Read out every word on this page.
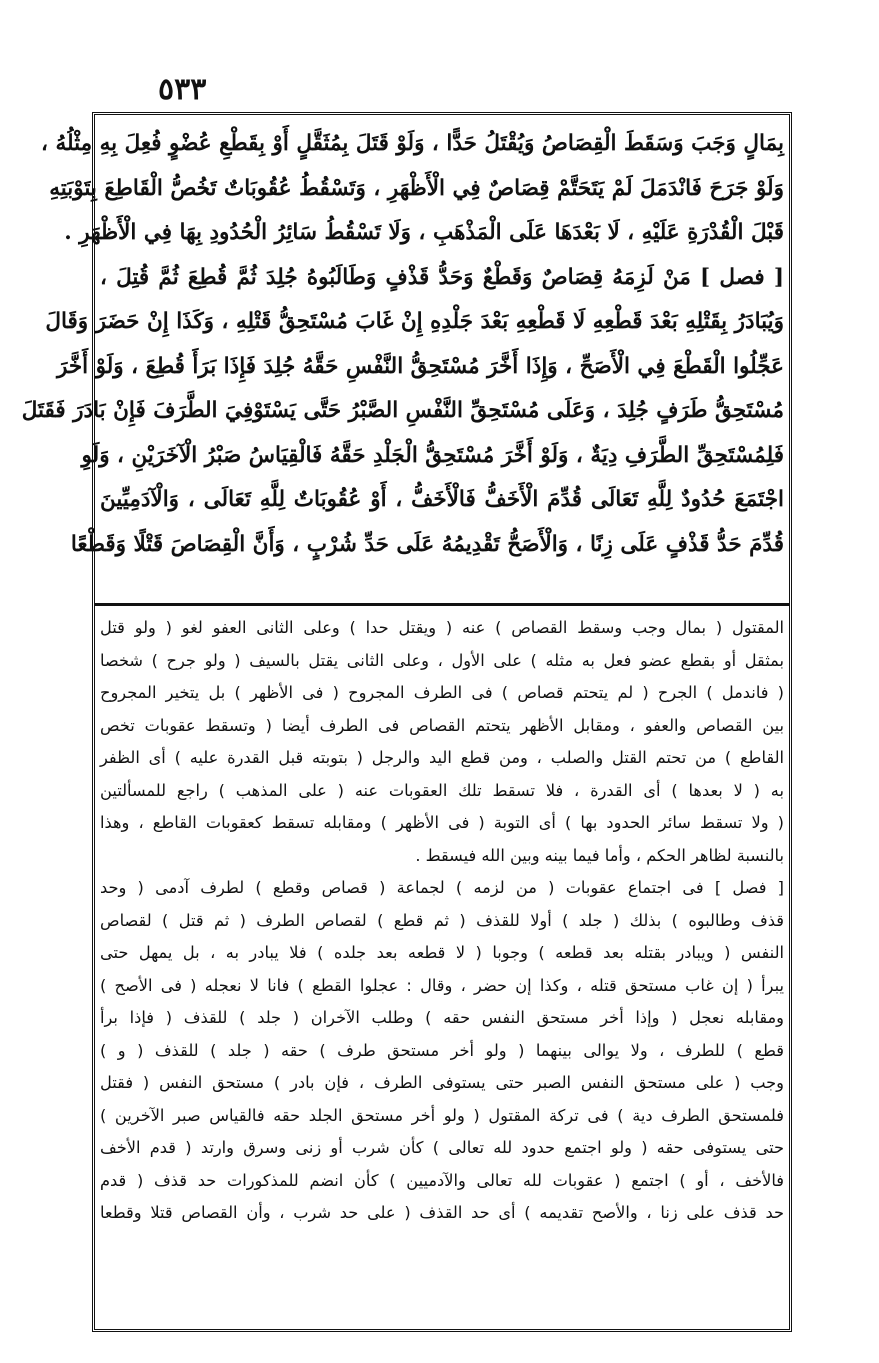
٥٣٣
بِمَالٍ وَجَبَ وَسَقَطَ الْقِصَاصُ وَيُقْتَلُ حَدًّا ، وَلَوْ قَتَلَ بِمُثَقَّلٍ أَوْ بِقَطْعِ عُضْوٍ فُعِلَ بِهِ مِثْلُهُ ،
وَلَوْ جَرَحَ فَانْدَمَلَ لَمْ يَتَحَتَّمْ قِصَاصٌ فِي الْأَظْهَرِ ، وَتَسْقُطُ عُقُوبَاتٌ تَخُصُّ الْقَاطِعَ بِتَوْبَتِهِ
قَبْلَ الْقُدْرَةِ عَلَيْهِ ، لَا بَعْدَهَا عَلَى الْمَذْهَبِ ، وَلَا تَسْقُطُ سَائِرُ الْحُدُودِ بِهَا فِي الْأَظْهَرِ .
[ فصل ] مَنْ لَزِمَهُ قِصَاصٌ وَقَطْعٌ وَحَدُّ قَذْفٍ وَطَالَبُوهُ جُلِدَ ثُمَّ قُطِعَ ثُمَّ قُتِلَ ،
وَيُبَادَرُ بِقَتْلِهِ بَعْدَ قَطْعِهِ لَا قَطْعِهِ بَعْدَ جَلْدِهِ إِنْ غَابَ مُسْتَحِقُّ قَتْلِهِ ، وَكَذَا إِنْ حَضَرَ وَقَالَ
عَجِّلُوا الْقَطْعَ فِي الْأَصَحِّ ، وَإِذَا أَخَّرَ مُسْتَحِقُّ النَّفْسِ حَقَّهُ جُلِدَ فَإِذَا بَرَأَ قُطِعَ ، وَلَوْ أَخَّرَ
مُسْتَحِقُّ طَرَفٍ جُلِدَ ، وَعَلَى مُسْتَحِقِّ النَّفْسِ الصَّبْرُ حَتَّى يَسْتَوْفِيَ الطَّرَفَ فَإِنْ بَادَرَ فَقَتَلَ
فَلِمُسْتَحِقِّ الطَّرَفِ دِيَةٌ ، وَلَوْ أَخَّرَ مُسْتَحِقُّ الْجَلْدِ حَقَّهُ فَالْقِيَاسُ صَبْرُ الْآخَرَيْنِ ، وَلَوِ
اجْتَمَعَ حُدُودٌ لِلَّهِ تَعَالَى قُدِّمَ الْأَخَفُّ فَالْأَخَفُّ ، أَوْ عُقُوبَاتٌ لِلَّهِ تَعَالَى ، وَالْآدَمِيِّينَ
قُدِّمَ حَدُّ قَذْفٍ عَلَى زِنًا ، وَالْأَصَحُّ تَقْدِيمُهُ عَلَى حَدِّ شُرْبٍ ، وَأَنَّ الْقِصَاصَ قَتْلًا وَقَطْعًا
المقتول ( بمال وجب وسقط القصاص ) عنه ( ويقتل حدا ) وعلى الثانى العفو لغو ( ولو قتل
بمثقل أو بقطع عضو فعل به مثله ) على الأول ، وعلى الثانى يقتل بالسيف ( ولو جرح ) شخصا
( فاندمل ) الجرح ( لم يتحتم قصاص ) فى الطرف المجروح ( فى الأظهر ) بل يتخير المجروح
بين القصاص والعفو ، ومقابل الأظهر يتحتم القصاص فى الطرف أيضا ( وتسقط عقوبات تخص
القاطع ) من تحتم القتل والصلب ، ومن قطع اليد والرجل ( بتوبته قبل القدرة عليه ) أى الظفر
به ( لا بعدها ) أى القدرة ، فلا تسقط تلك العقوبات عنه ( على المذهب ) راجع للمسألتين
( ولا تسقط سائر الحدود بها ) أى التوبة ( فى الأظهر ) ومقابله تسقط كعقوبات القاطع ، وهذا
بالنسبة لظاهر الحكم ، وأما فيما بينه وبين الله فيسقط .
[ فصل ] فى اجتماع عقوبات ( من لزمه ) لجماعة ( قصاص وقطع ) لطرف آدمى ( وحد
قذف وطالبوه ) بذلك ( جلد ) أولا للقذف ( ثم قطع ) لقصاص الطرف ( ثم قتل ) لقصاص
النفس ( ويبادر بقتله بعد قطعه ) وجوبا ( لا قطعه بعد جلده ) فلا يبادر به ، بل يمهل حتى
يبرأ ( إن غاب مستحق قتله ، وكذا إن حضر ، وقال : عجلوا القطع ) فانا لا نعجله ( فى الأصح )
ومقابله نعجل ( وإذا أخر مستحق النفس حقه ) وطلب الآخران ( جلد ) للقذف ( فإذا برأ
قطع ) للطرف ، ولا يوالى بينهما ( ولو أخر مستحق طرف ) حقه ( جلد ) للقذف ( و )
وجب ( على مستحق النفس الصبر حتى يستوفى الطرف ، فإن بادر ) مستحق النفس ( فقتل
فلمستحق الطرف دية ) فى تركة المقتول ( ولو أخر مستحق الجلد حقه فالقياس صبر الآخرين )
حتى يستوفى حقه ( ولو اجتمع حدود لله تعالى ) كأن شرب أو زنى وسرق وارتد ( قدم الأخف
فالأخف ، أو ) اجتمع ( عقوبات لله تعالى والآدميين ) كأن انضم للمذكورات حد قذف ( قدم
حد قذف على زنا ، والأصح تقديمه ) أى حد القذف ( على حد شرب ، وأن القصاص قتلا وقطعا
